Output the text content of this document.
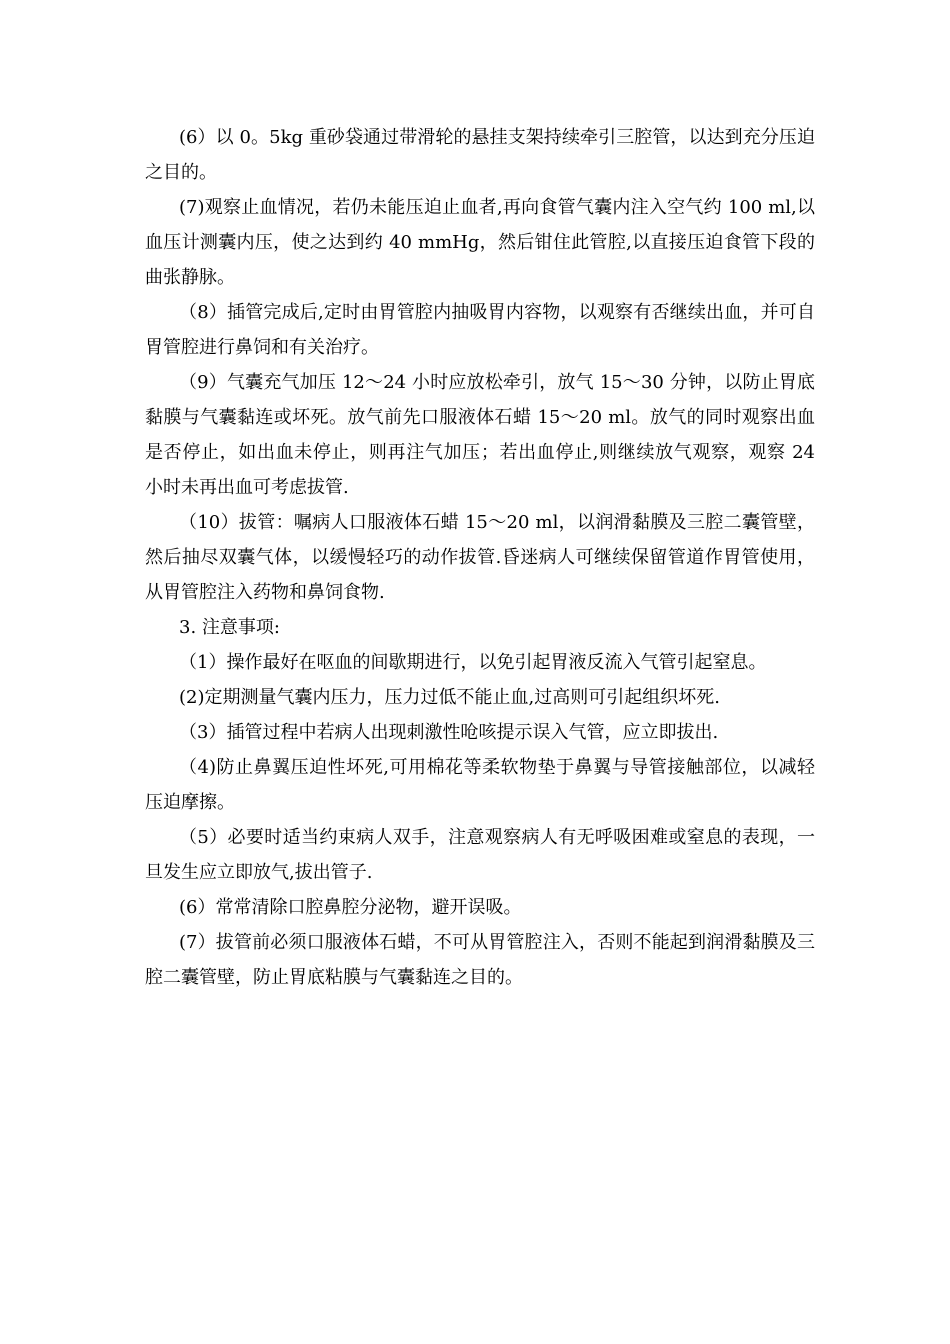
(6）以 0。5kg 重砂袋通过带滑轮的悬挂支架持续牵引三腔管，以达到充分压迫之目的。

(7)观察止血情况，若仍未能压迫止血者,再向食管气囊内注入空气约 100 ml,以血压计测囊内压，使之达到约 40 mmHg，然后钳住此管腔,以直接压迫食管下段的曲张静脉。

（8）插管完成后,定时由胃管腔内抽吸胃内容物，以观察有否继续出血，并可自胃管腔进行鼻饲和有关治疗。

（9）气囊充气加压 12～24 小时应放松牵引，放气 15～30 分钟，以防止胃底黏膜与气囊黏连或坏死。放气前先口服液体石蜡 15～20 ml。放气的同时观察出血是否停止，如出血未停止，则再注气加压；若出血停止,则继续放气观察，观察 24 小时未再出血可考虑拔管.

（10）拔管：嘱病人口服液体石蜡 15～20 ml，以润滑黏膜及三腔二囊管壁，然后抽尽双囊气体，以缓慢轻巧的动作拔管.昏迷病人可继续保留管道作胃管使用，从胃管腔注入药物和鼻饲食物.

3. 注意事项:

（1）操作最好在呕血的间歇期进行，以免引起胃液反流入气管引起窒息。

(2)定期测量气囊内压力，压力过低不能止血,过高则可引起组织坏死.

（3）插管过程中若病人出现刺激性呛咳提示误入气管，应立即拔出.

（4)防止鼻翼压迫性坏死,可用棉花等柔软物垫于鼻翼与导管接触部位，以减轻压迫摩擦。

（5）必要时适当约束病人双手，注意观察病人有无呼吸困难或窒息的表现，一旦发生应立即放气,拔出管子.

(6）常常清除口腔鼻腔分泌物，避开误吸。

(7）拔管前必须口服液体石蜡，不可从胃管腔注入，否则不能起到润滑黏膜及三腔二囊管壁，防止胃底粘膜与气囊黏连之目的。
